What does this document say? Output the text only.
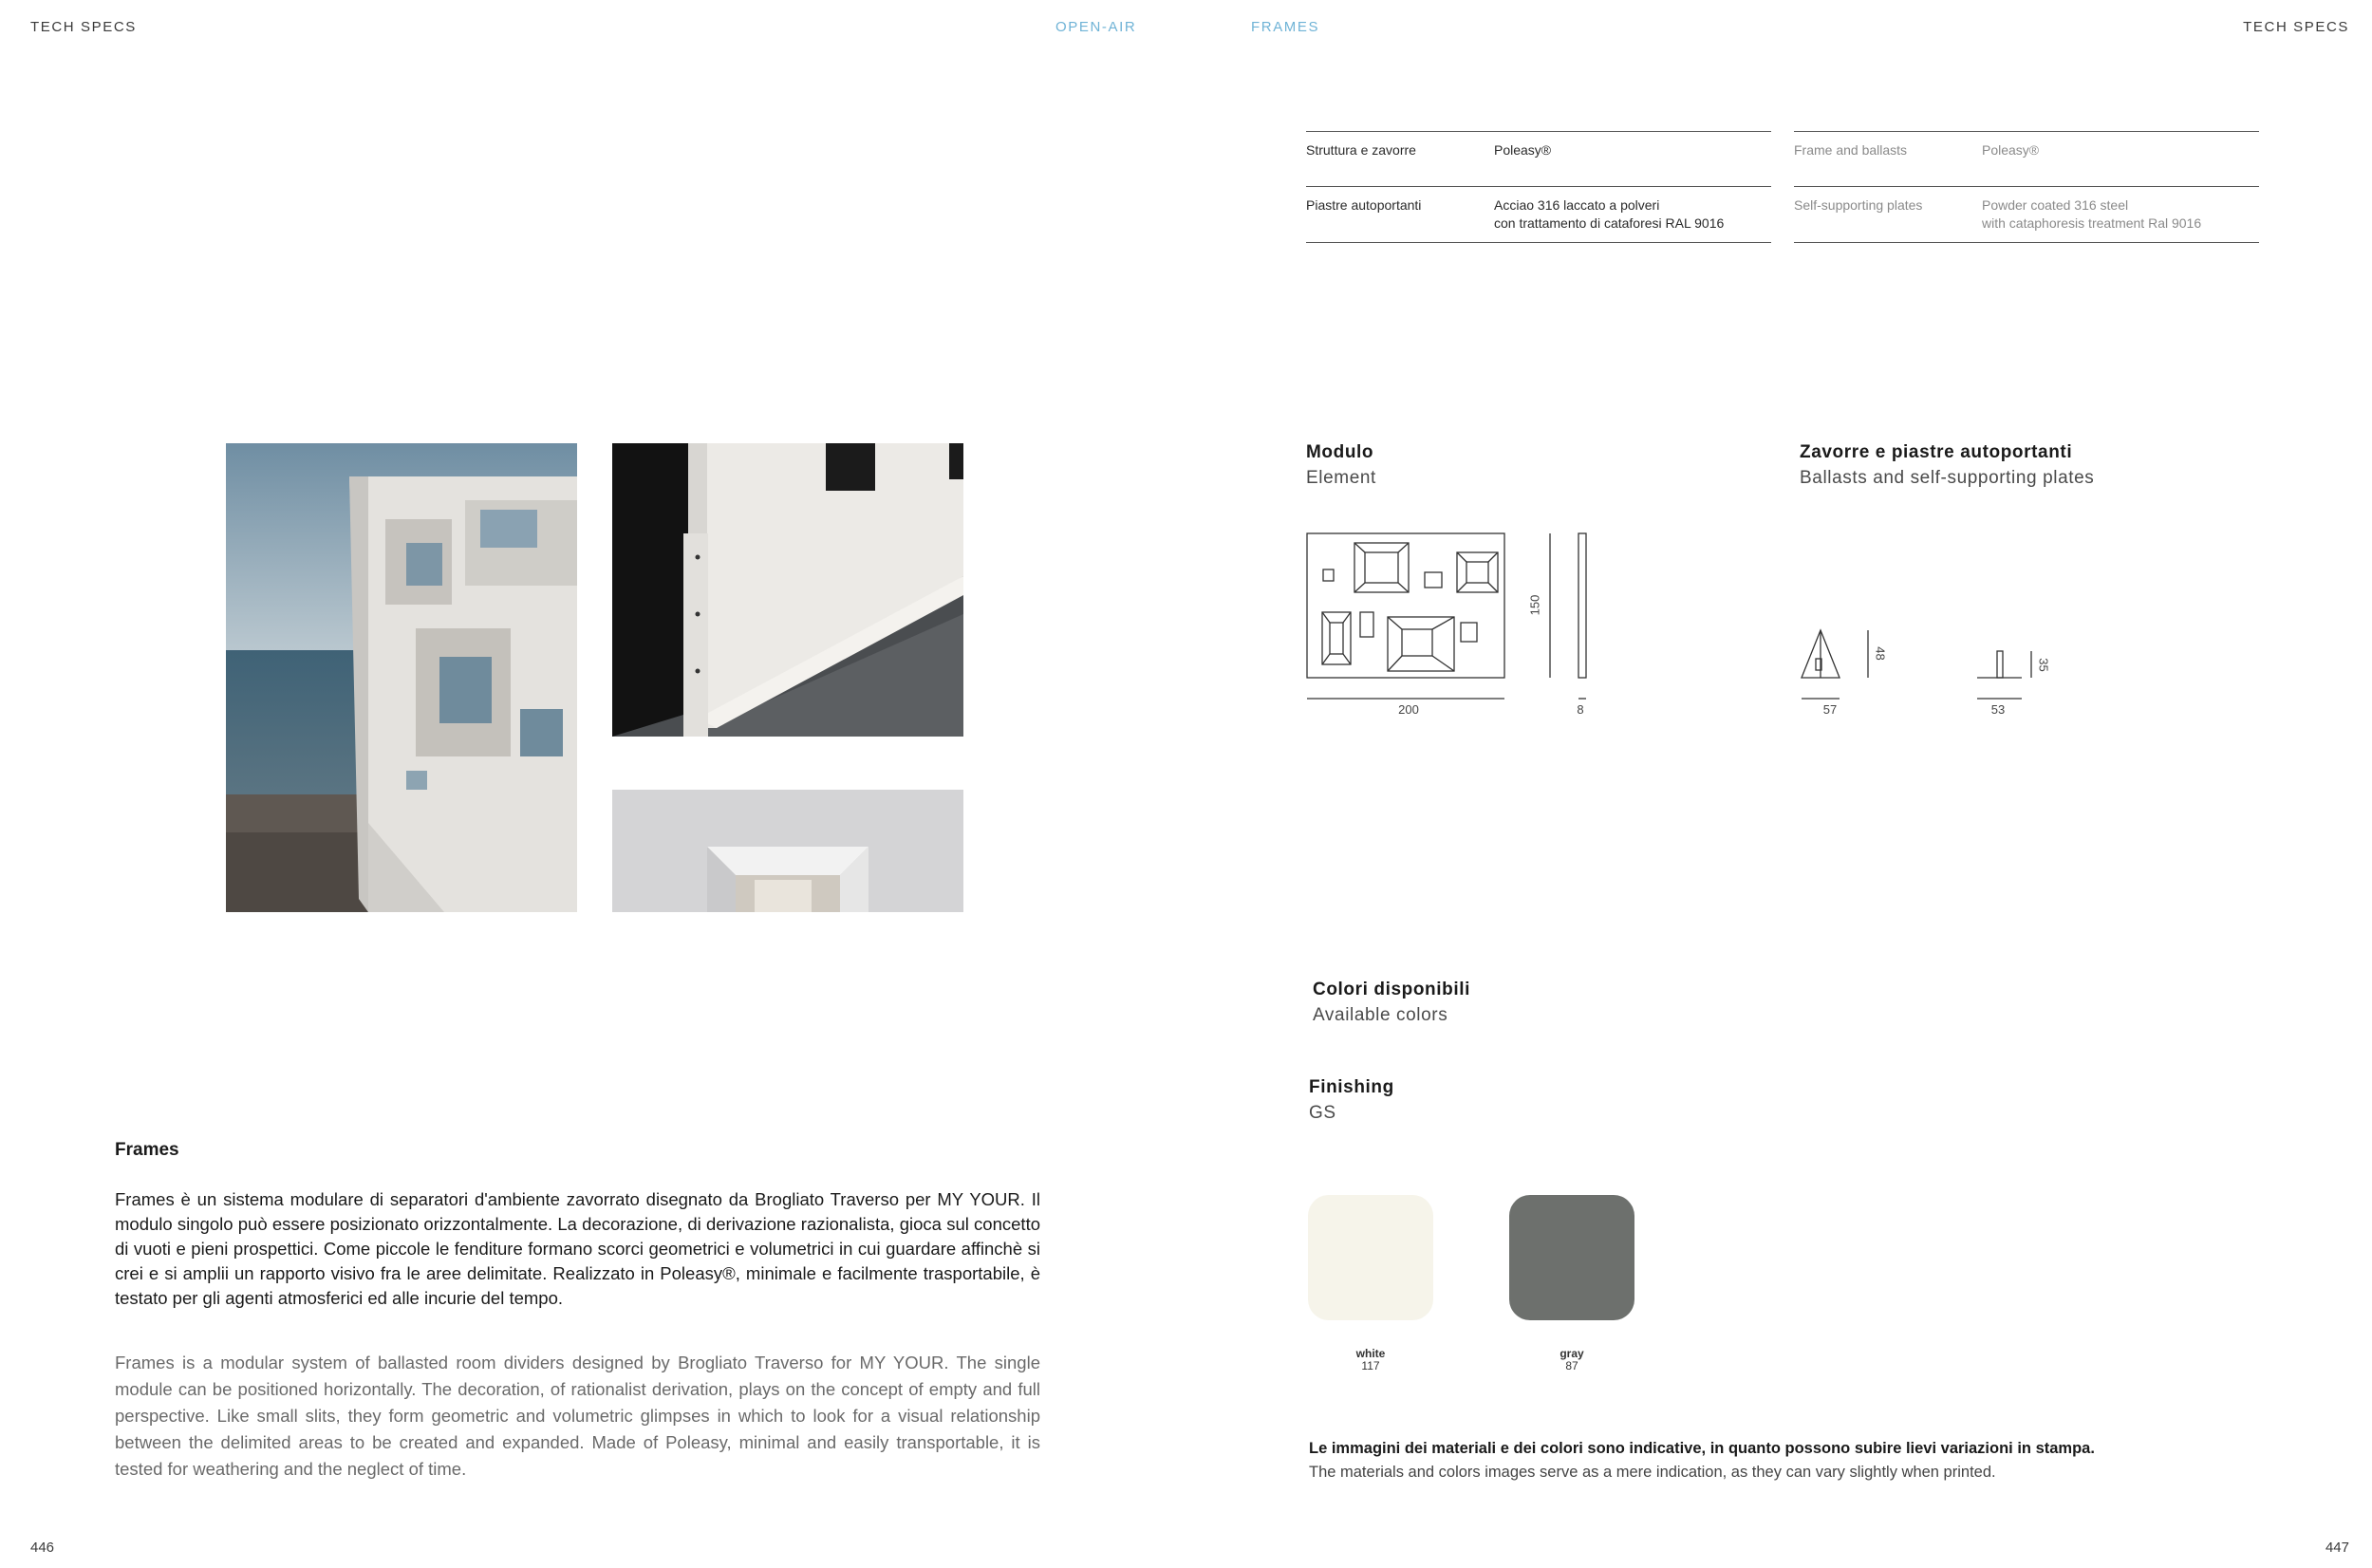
TECH SPECS	OPEN-AIR	FRAMES	TECH SPECS
Struttura e zavorre	Poleasy®
Piastre autoportanti	Acciao 316 laccato a polveri
con trattamento di cataforesi RAL 9016
Frame and ballasts	Poleasy®
Self-supporting plates	Powder coated 316 steel
with cataphoresis treatment Ral 9016
Modulo
Element
200
150
8
Zavorre e piastre autoportanti
Ballasts and self-supporting plates
57
48
53
35
Frames
Frames è un sistema modulare di separatori d'ambiente zavorrato disegnato da Brogliato Traverso per MY YOUR. Il modulo singolo può essere posizionato orizzontalmente. La decorazione, di derivazione razionalista, gioca sul concetto di vuoti e pieni prospettici. Come piccole le fenditure formano scorci geometrici e volumetrici in cui guardare affinchè si crei e si amplii un rapporto visivo fra le aree delimitate. Realizzato in Poleasy®, minimale e facilmente trasportabile, è testato per gli agenti atmosferici ed alle incurie del tempo.
Frames is a modular system of ballasted room dividers designed by Brogliato Traverso for MY YOUR. The single module can be positioned horizontally. The decoration, of rationalist derivation, plays on the concept of empty and full perspective. Like small slits, they form geometric and volumetric glimpses in which to look for a visual relationship between the delimited areas to be created and expanded. Made of Poleasy, minimal and easily transportable, it is tested for weathering and the neglect of time.
Colori disponibili
Available colors
Finishing
GS
white
117
gray
87
Le immagini dei materiali e dei colori sono indicative, in quanto possono subire lievi variazioni in stampa.
The materials and colors images serve as a mere indication, as they can vary slightly when printed.
446	447
